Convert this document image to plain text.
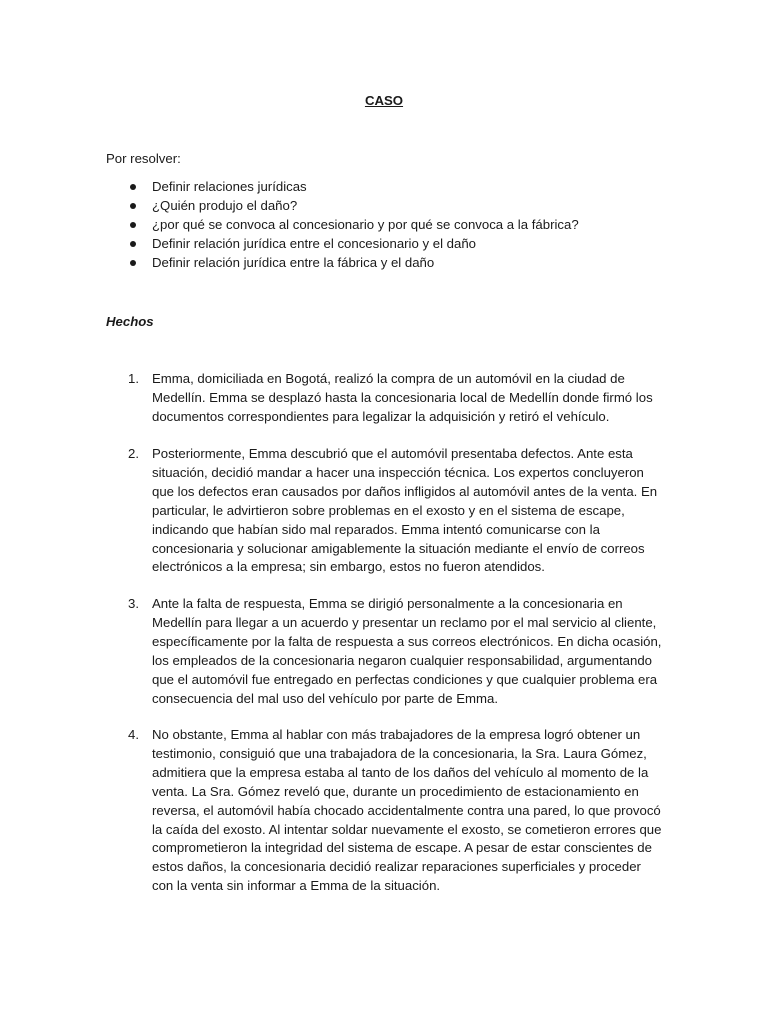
CASO
Por resolver:
Definir relaciones jurídicas
¿Quién produjo el daño?
¿por qué se convoca al concesionario y por qué se convoca a la fábrica?
Definir relación jurídica entre el concesionario y el daño
Definir relación jurídica entre la fábrica y el daño
Hechos
1. Emma, domiciliada en Bogotá, realizó la compra de un automóvil en la ciudad de Medellín. Emma se desplazó hasta la concesionaria local de Medellín donde firmó los documentos correspondientes para legalizar la adquisición y retiró el vehículo.
2. Posteriormente, Emma descubrió que el automóvil presentaba defectos. Ante esta situación, decidió mandar a hacer una inspección técnica. Los expertos concluyeron que los defectos eran causados por daños infligidos al automóvil antes de la venta. En particular, le advirtieron sobre problemas en el exosto y en el sistema de escape, indicando que habían sido mal reparados. Emma intentó comunicarse con la concesionaria y solucionar amigablemente la situación mediante el envío de correos electrónicos a la empresa; sin embargo, estos no fueron atendidos.
3. Ante la falta de respuesta, Emma se dirigió personalmente a la concesionaria en Medellín para llegar a un acuerdo y presentar un reclamo por el mal servicio al cliente, específicamente por la falta de respuesta a sus correos electrónicos. En dicha ocasión, los empleados de la concesionaria negaron cualquier responsabilidad, argumentando que el automóvil fue entregado en perfectas condiciones y que cualquier problema era consecuencia del mal uso del vehículo por parte de Emma.
4. No obstante, Emma al hablar con más trabajadores de la empresa logró obtener un testimonio, consiguió que una trabajadora de la concesionaria, la Sra. Laura Gómez, admitiera que la empresa estaba al tanto de los daños del vehículo al momento de la venta. La Sra. Gómez reveló que, durante un procedimiento de estacionamiento en reversa, el automóvil había chocado accidentalmente contra una pared, lo que provocó la caída del exosto. Al intentar soldar nuevamente el exosto, se cometieron errores que comprometieron la integridad del sistema de escape. A pesar de estar conscientes de estos daños, la concesionaria decidió realizar reparaciones superficiales y proceder con la venta sin informar a Emma de la situación.
